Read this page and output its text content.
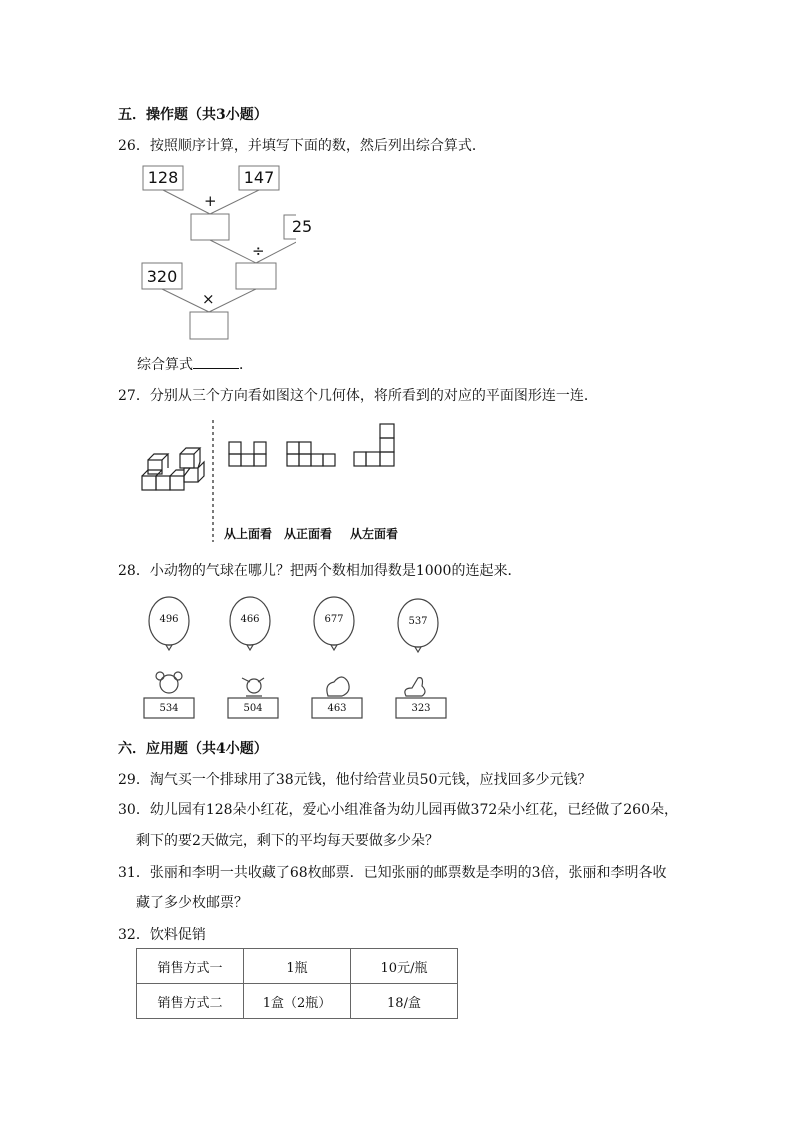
五．操作题（共3小题）
26．按照顺序计算，并填写下面的数，然后列出综合算式．
128	147
25
320
+
÷
×
综合算式	．
27．分别从三个方向看如图这个几何体，将所看到的对应的平面图形连一连．
从上面看 从正面看 从左面看
28．小动物的气球在哪儿？把两个数相加得数是1000的连起来．
496	466	677	537
534	504	463	323
六．应用题（共4小题）
29．淘气买一个排球用了38元钱，他付给营业员50元钱，应找回多少元钱？
30．幼儿园有128朵小红花，爱心小组准备为幼儿园再做372朵小红花，已经做了260朵，
剩下的要2天做完，剩下的平均每天要做多少朵？
31．张丽和李明一共收藏了68枚邮票．已知张丽的邮票数是李明的3倍，张丽和李明各收
藏了多少枚邮票？
32．饮料促销
销售方式一	1瓶	10元/瓶
销售方式二	1盒（2瓶）	18/盒
